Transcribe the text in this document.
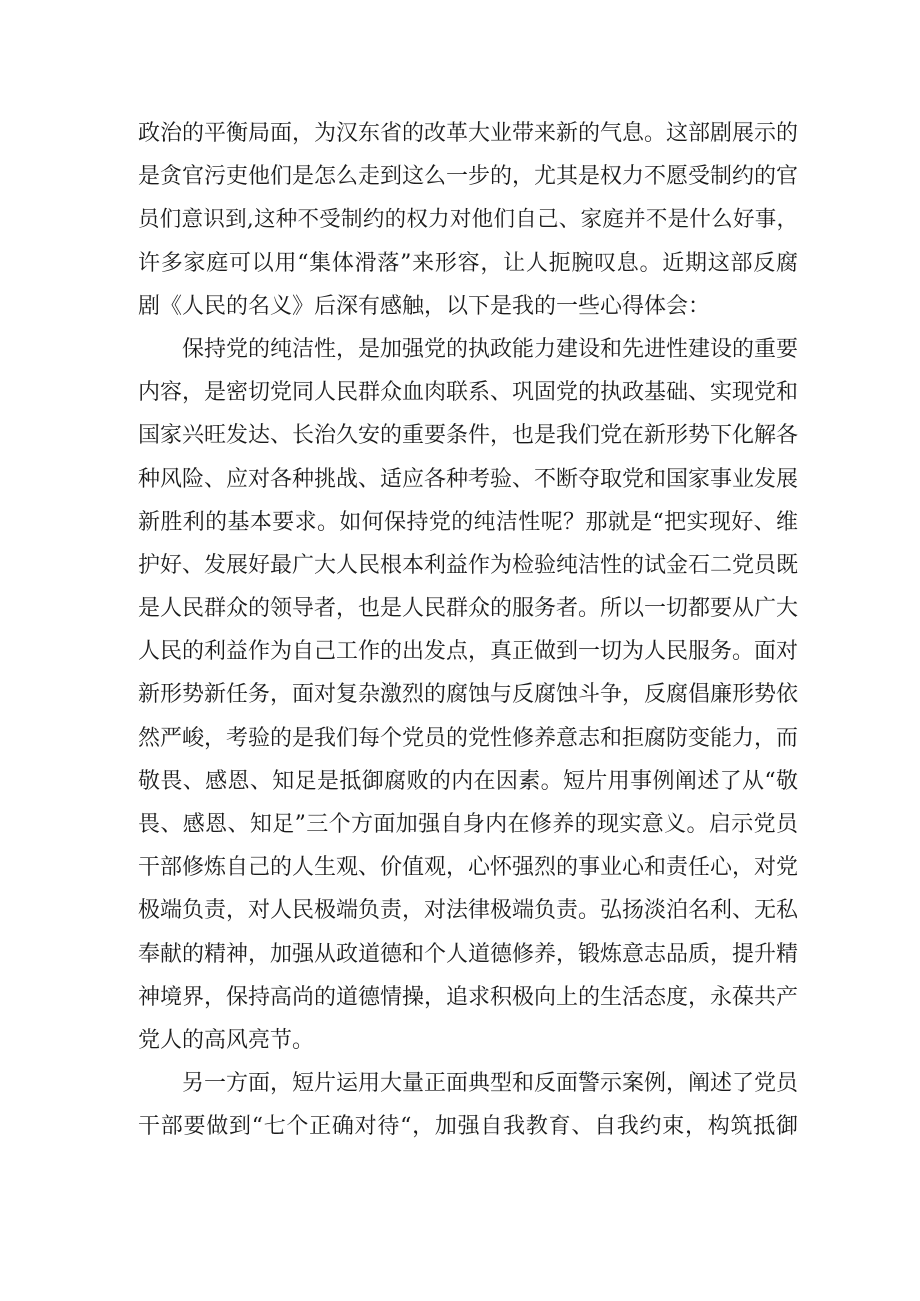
政治的平衡局面，为汉东省的改革大业带来新的气息。这部剧展示的
是贪官污吏他们是怎么走到这么一步的，尤其是权力不愿受制约的官
员们意识到,这种不受制约的权力对他们自己、家庭并不是什么好事，
许多家庭可以用“集体滑落”来形容，让人扼腕叹息。近期这部反腐
剧《人民的名义》后深有感触，以下是我的一些心得体会：
保持党的纯洁性，是加强党的执政能力建设和先进性建设的重要
内容，是密切党同人民群众血肉联系、巩固党的执政基础、实现党和
国家兴旺发达、长治久安的重要条件，也是我们党在新形势下化解各
种风险、应对各种挑战、适应各种考验、不断夺取党和国家事业发展
新胜利的基本要求。如何保持党的纯洁性呢？那就是“把实现好、维
护好、发展好最广大人民根本利益作为检验纯洁性的试金石二党员既
是人民群众的领导者，也是人民群众的服务者。所以一切都要从广大
人民的利益作为自己工作的出发点，真正做到一切为人民服务。面对
新形势新任务，面对复杂激烈的腐蚀与反腐蚀斗争，反腐倡廉形势依
然严峻，考验的是我们每个党员的党性修养意志和拒腐防变能力，而
敬畏、感恩、知足是抵御腐败的内在因素。短片用事例阐述了从“敬
畏、感恩、知足”三个方面加强自身内在修养的现实意义。启示党员
干部修炼自己的人生观、价值观，心怀强烈的事业心和责任心，对党
极端负责，对人民极端负责，对法律极端负责。弘扬淡泊名利、无私
奉献的精神，加强从政道德和个人道德修养，锻炼意志品质，提升精
神境界，保持高尚的道德情操，追求积极向上的生活态度，永葆共产
党人的高风亮节。
另一方面，短片运用大量正面典型和反面警示案例，阐述了党员
干部要做到“七个正确对待“，加强自我教育、自我约束，构筑抵御
